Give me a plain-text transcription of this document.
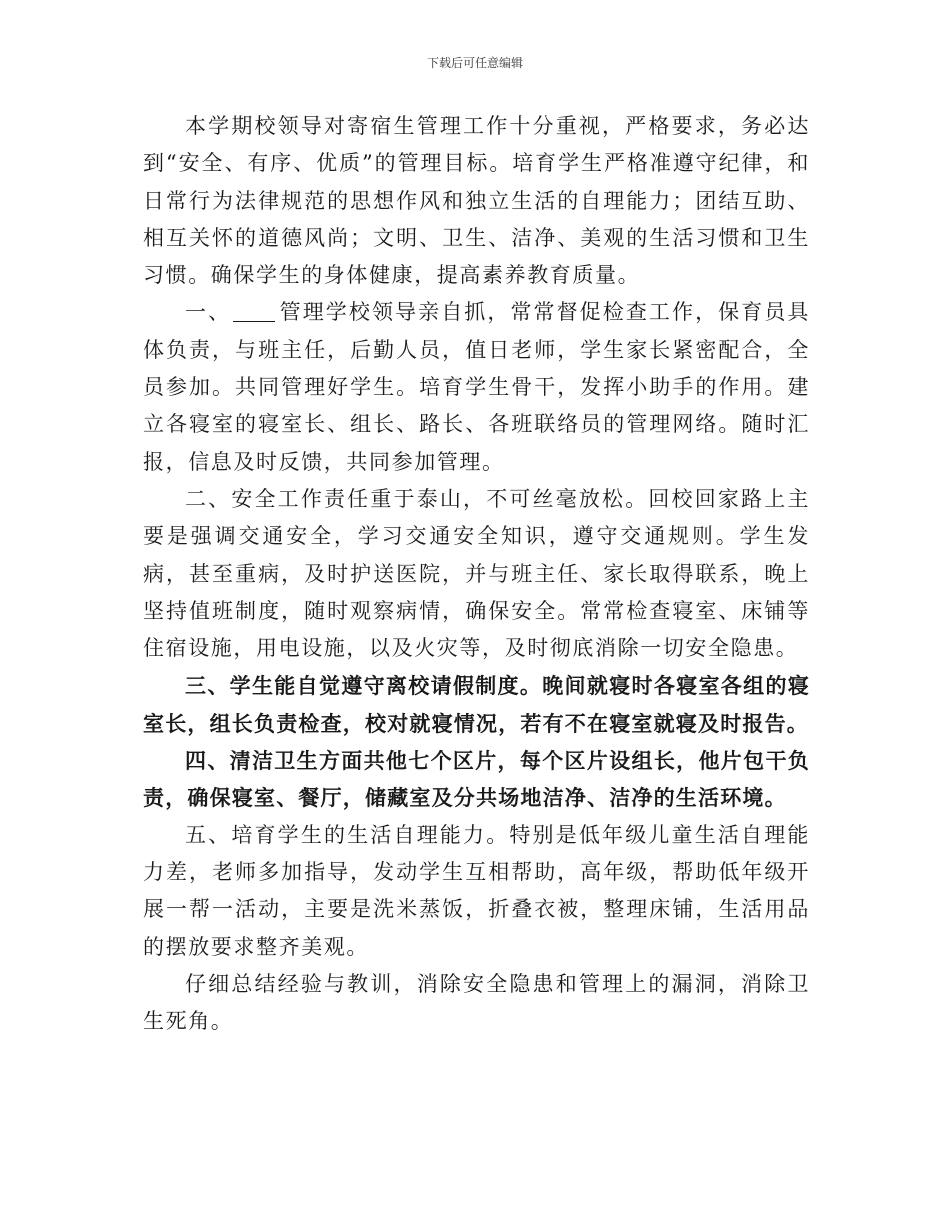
下载后可任意编辑

本学期校领导对寄宿生管理工作十分重视，严格要求，务必达到“安全、有序、优质”的管理目标。培育学生严格准遵守纪律，和日常行为法律规范的思想作风和独立生活的自理能力；团结互助、相互关怀的道德风尚；文明、卫生、洁净、美观的生活习惯和卫生习惯。确保学生的身体健康，提高素养教育质量。

一、 管理学校领导亲自抓，常常督促检查工作，保育员具体负责，与班主任，后勤人员，值日老师，学生家长紧密配合，全员参加。共同管理好学生。培育学生骨干，发挥小助手的作用。建立各寝室的寝室长、组长、路长、各班联络员的管理网络。随时汇报，信息及时反馈，共同参加管理。

二、安全工作责任重于泰山，不可丝毫放松。回校回家路上主要是强调交通安全，学习交通安全知识，遵守交通规则。学生发病，甚至重病，及时护送医院，并与班主任、家长取得联系，晚上坚持值班制度，随时观察病情，确保安全。常常检查寝室、床铺等住宿设施，用电设施，以及火灾等，及时彻底消除一切安全隐患。

三、学生能自觉遵守离校请假制度。晚间就寝时各寝室各组的寝室长，组长负责检查，校对就寝情况，若有不在寝室就寝及时报告。

四、清洁卫生方面共他七个区片，每个区片设组长，他片包干负责，确保寝室、餐厅，储藏室及分共场地洁净、洁净的生活环境。

五、培育学生的生活自理能力。特别是低年级儿童生活自理能力差，老师多加指导，发动学生互相帮助，高年级，帮助低年级开展一帮一活动，主要是洗米蒸饭，折叠衣被，整理床铺，生活用品的摆放要求整齐美观。

仔细总结经验与教训，消除安全隐患和管理上的漏洞，消除卫生死角。
